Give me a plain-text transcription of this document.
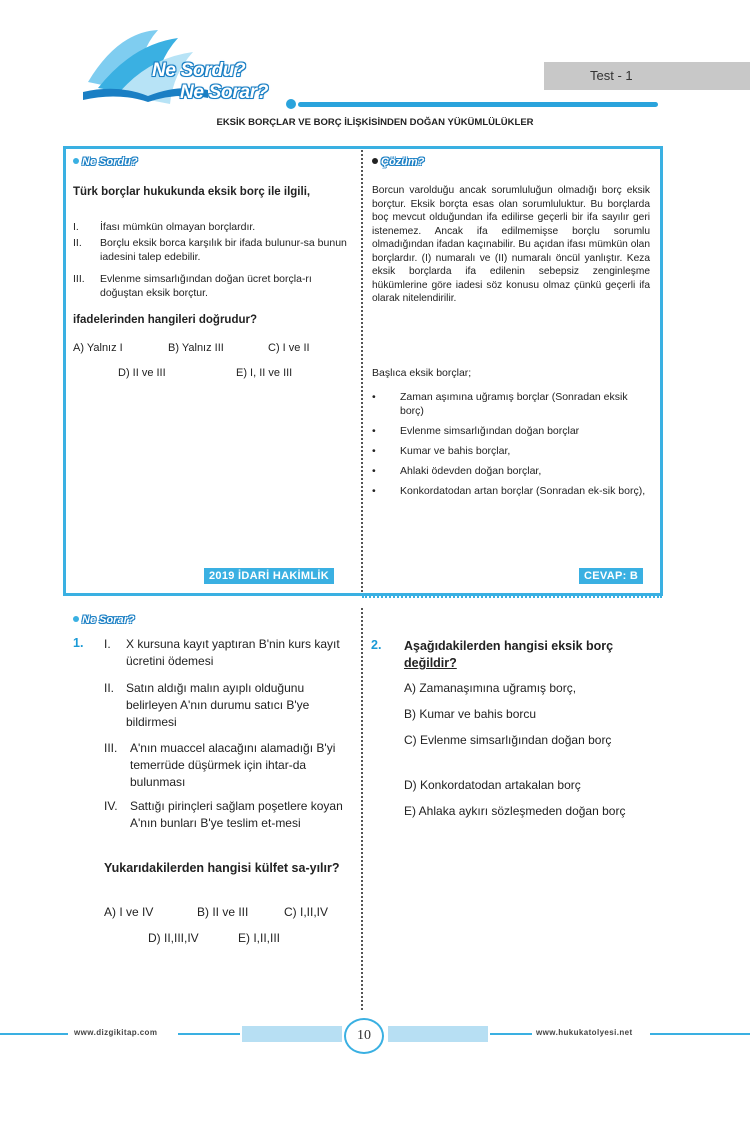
Ne Sordu?
Ne Sorar?
Test - 1
EKSİK BORÇLAR VE BORÇ İLİŞKİSİNDEN DOĞAN YÜKÜMLÜLÜKLER
Ne Sordu?
Türk borçlar hukukunda eksik borç ile ilgili,
I. İfası mümkün olmayan borçlardır.
II. Borçlu eksik borca karşılık bir ifada bulunur-sa bunun iadesini talep edebilir.
III. Evlenme simsarlığından doğan ücret borçla-rı doğuştan eksik borçtur.
ifadelerinden hangileri doğrudur?
A) Yalnız I	B) Yalnız III	C) I ve II
D) II ve III	E) I, II ve III
2019 İDARİ HAKİMLİK
Çözüm?
Borcun varolduğu ancak sorumluluğun olmadığı borç eksik borçtur. Eksik borçta esas olan sorumluluktur. Bu borçlarda boç mevcut olduğundan ifa edilirse geçerli bir ifa sayılır geri istenemez. Ancak ifa edilmemişse borçlu sorumlu olmadığından ifadan kaçınabilir. Bu açıdan ifası mümkün olan borçlardır. (I) numaralı ve (II) numaralı öncül yanlıştır. Keza eksik borçlarda ifa edilenin sebepsiz zenginleşme hükümlerine göre iadesi söz konusu olmaz çünkü geçerli ifa olarak nitelendirilir.
Başlıca eksik borçlar;
• Zaman aşımına uğramış borçlar (Sonradan eksik borç)
• Evlenme simsarlığından doğan borçlar
• Kumar ve bahis borçlar,
• Ahlaki ödevden doğan borçlar,
• Konkordatodan artan borçlar (Sonradan ek-sik borç),
CEVAP: B
Ne Sorar?
1. I. X kursuna kayıt yaptıran B'nin kurs kayıt ücretini ödemesi
II. Satın aldığı malın ayıplı olduğunu belirleyen A'nın durumu satıcı B'ye bildirmesi
III. A'nın muaccel alacağını alamadığı B'yi temerrüde düşürmek için ihtar-da bulunması
IV. Sattığı pirinçleri sağlam poşetlere koyan A'nın bunları B'ye teslim et-mesi
Yukarıdakilerden hangisi külfet sa-yılır?
A) I ve IV	B) II ve III	C) I,II,IV
D) II,III,IV	E) I,II,III
2. Aşağıdakilerden hangisi eksik borç
değildir?
A) Zamanaşımına uğramış borç,
B) Kumar ve bahis borcu
C) Evlenme simsarlığından doğan borç
D) Konkordatodan artakalan borç
E) Ahlaka aykırı sözleşmeden doğan borç
www.dizgikitap.com	10	www.hukukatolyesi.net
